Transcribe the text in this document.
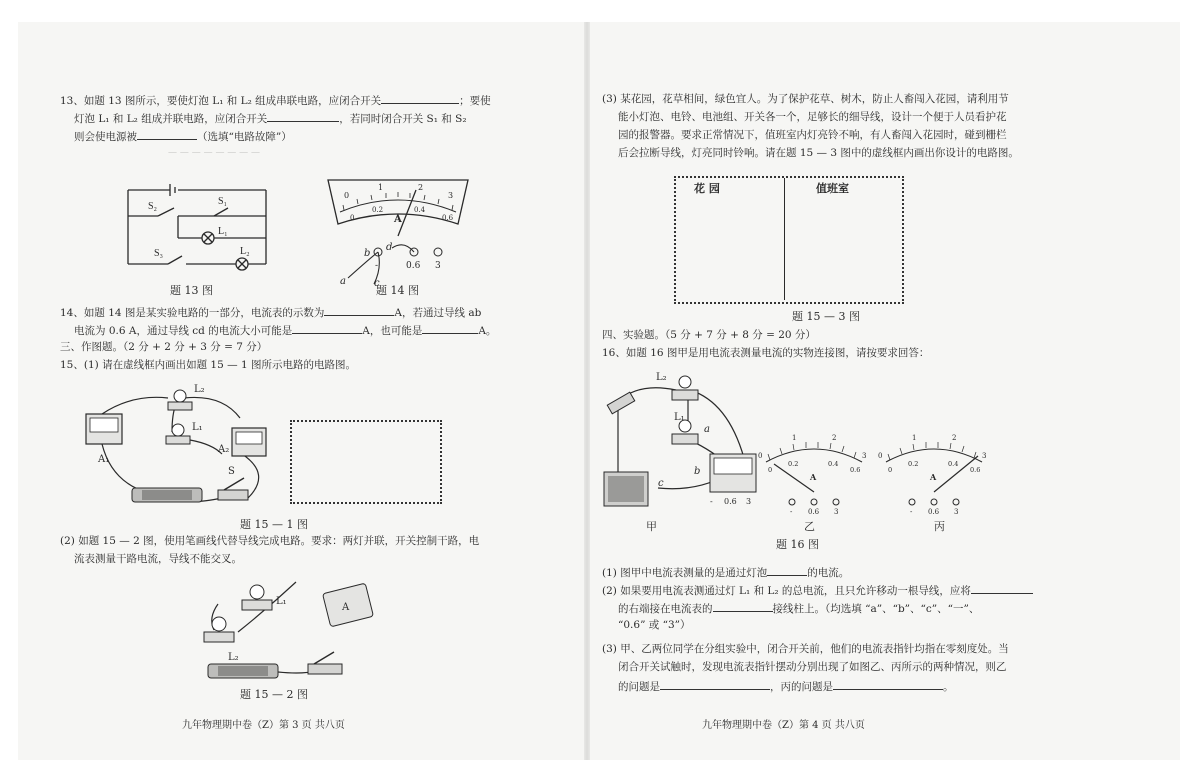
13、如题 13 图所示，要使灯泡 L₁ 和 L₂ 组成串联电路，应闭合开关	；要使
灯泡 L₁ 和 L₂ 组成并联电路，应闭合开关	，若同时闭合开关 S₁ 和 S₂
则会使电源被	（选填“电路故障”）
— — — — — — — —
S₂	S₁
L₁
S₃	L₂
题 13 图
0
1	2
3
0
0.2	0.4
0.6
A
-	0.6 3
a
b
c
d
题 14 图
14、如题 14 图是某实验电路的一部分，电流表的示数为	A，若通过导线 ab
电流为 0.6 A，通过导线 cd 的电流大小可能是	A，也可能是	A。
三、作图题。（2 分 + 2 分 + 3 分 = 7 分）
15、(1) 请在虚线框内画出如题 15 — 1 图所示电路的电路图。
A₁
A₂
L₂
L₁
S
题 15 — 1 图
(2) 如题 15 — 2 图，使用笔画线代替导线完成电路。要求：两灯并联，开关控制干路，电
流表测量干路电流，导线不能交叉。
L₁
L₂
A
题 15 — 2 图
九年物理期中卷（Z）第 3 页 共八页
(3) 某花园，花草相间，绿色宜人。为了保护花草、树木，防止人畜闯入花园，请利用节
能小灯泡、电铃、电池组、开关各一个，足够长的细导线，设计一个便于人员看护花
园的报警器。要求正常情况下，值班室内灯亮铃不响，有人畜闯入花园时，碰到栅栏
后会拉断导线，灯亮同时铃响。请在题 15 — 3 图中的虚线框内画出你设计的电路图。
花 园	值班室
题 15 — 3 图
四、实验题。（5 分 + 7 分 + 8 分 = 20 分）
16、如题 16 图甲是用电流表测量电流的实物连接图，请按要求回答：
L₂
L₁
a
b
c
- 0.6 3
0
1	2
3
0
0.2	0.4
0.6
A
- 0.6 3
0
1	2
3
0
0.2	0.4
0.6
A
- 0.6 3
甲	乙	丙
题 16 图
(1) 图甲中电流表测量的是通过灯泡	的电流。
(2) 如果要用电流表测通过灯 L₁ 和 L₂ 的总电流，且只允许移动一根导线，应将
的右端接在电流表的	接线柱上。（均选填 “a”、“b”、“c”、“一”、
“0.6” 或 “3”）
(3) 甲、乙两位同学在分组实验中，闭合开关前，他们的电流表指针均指在零刻度处。当
闭合开关试触时，发现电流表指针摆动分别出现了如图乙、丙所示的两种情况，则乙
的问题是	，丙的问题是	。
九年物理期中卷（Z）第 4 页 共八页
